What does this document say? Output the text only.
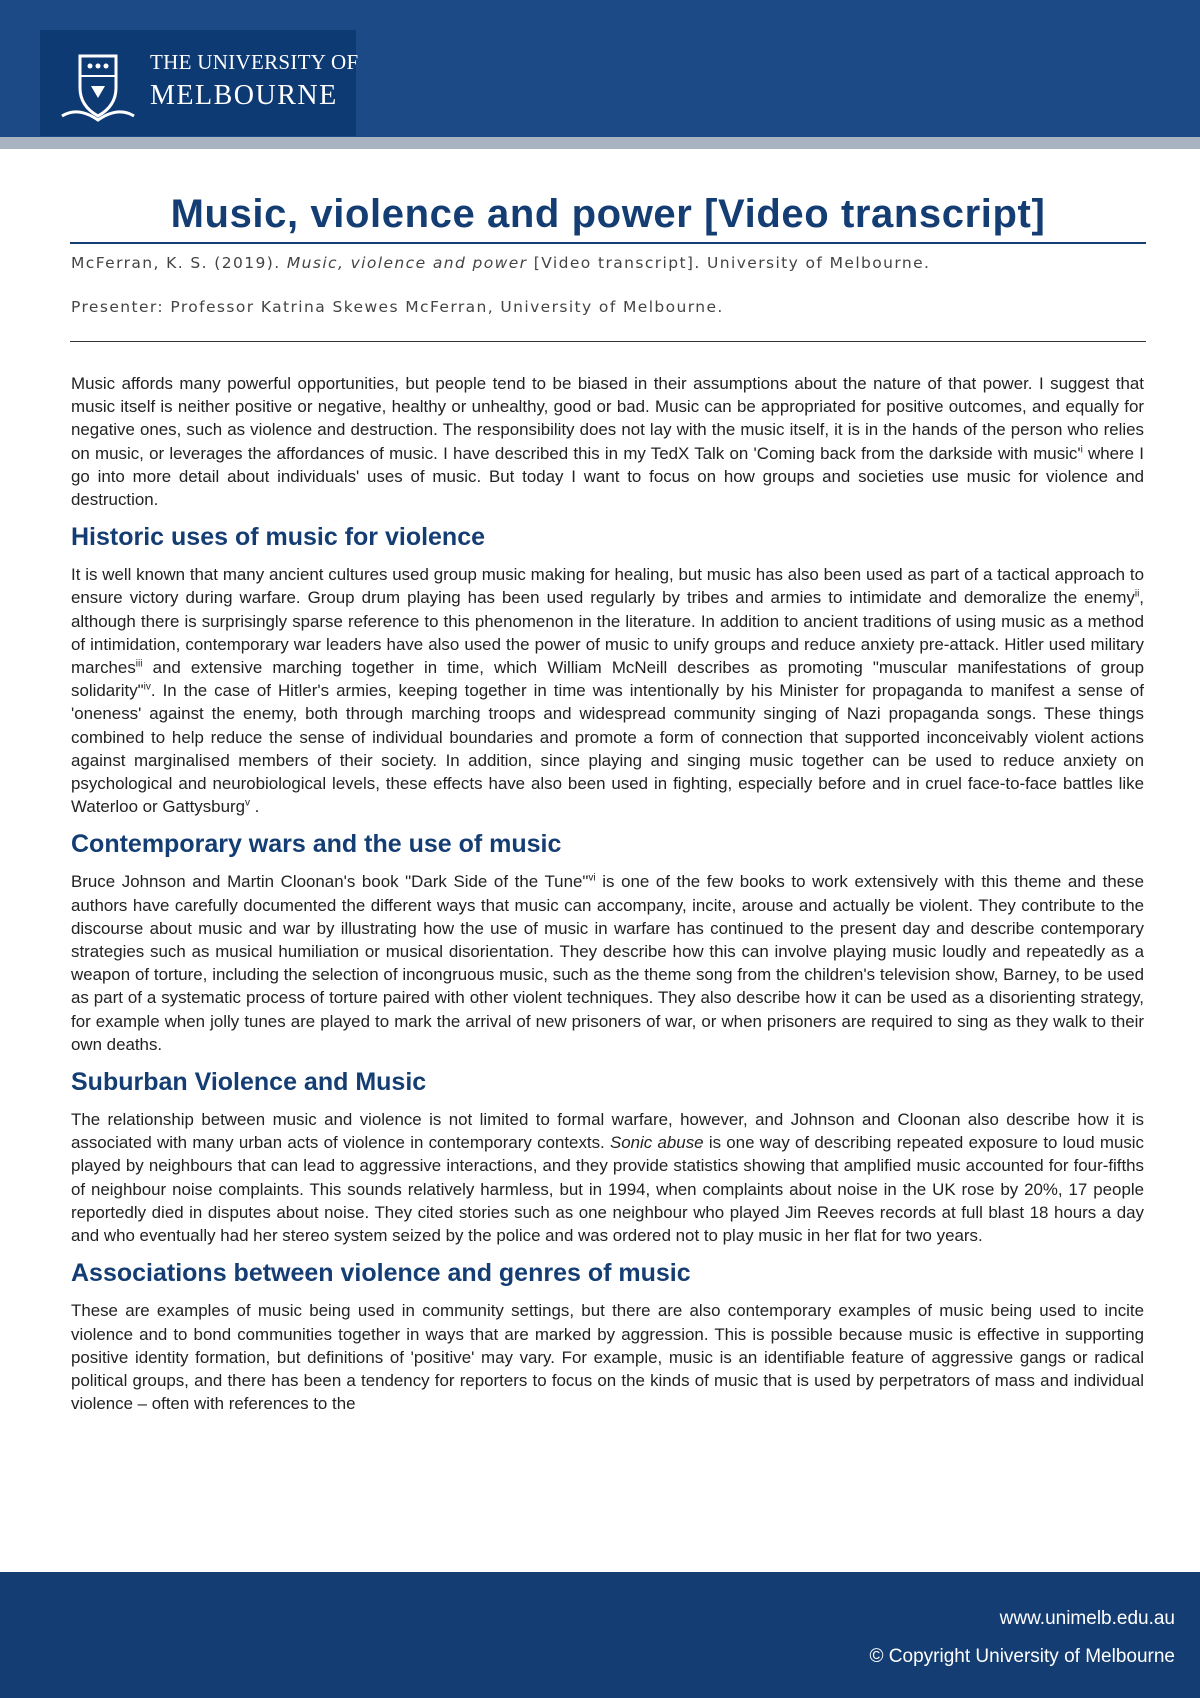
THE UNIVERSITY OF
MELBOURNE
Music, violence and power [Video transcript]
McFerran, K. S. (2019). Music, violence and power [Video transcript]. University of Melbourne.
Presenter: Professor Katrina Skewes McFerran, University of Melbourne.

Music affords many powerful opportunities, but people tend to be biased in their assumptions about the nature of that power. I suggest that music itself is neither positive or negative, healthy or unhealthy, good or bad. Music can be appropriated for positive outcomes, and equally for negative ones, such as violence and destruction. The responsibility does not lay with the music itself, it is in the hands of the person who relies on music, or leverages the affordances of music. I have described this in my TedX Talk on 'Coming back from the darkside with $music'^i$ where I go into more detail about individuals' uses of music. But today I want to focus on how groups and societies use music for violence and destruction.

Historic uses of music for violence

It is well known that many ancient cultures used group music making for healing, but music has also been used as part of a tactical approach to ensure victory during warfare. Group drum playing has been used regularly by tribes and armies to intimidate and demoralize the enemy$^{ii}$, although there is surprisingly sparse reference to this phenomenon in the literature. In addition to ancient traditions of using music as a method of intimidation, contemporary war leaders have also used the power of music to unify groups and reduce anxiety pre-attack. Hitler used military marches$^{iii}$ and extensive marching together in time, which William McNeill describes as promoting "muscular manifestations of group solidarity"$^{iv}$. In the case of Hitler's armies, keeping together in time was intentionally by his Minister for propaganda to manifest a sense of 'oneness' against the enemy, both through marching troops and widespread community singing of Nazi propaganda songs. These things combined to help reduce the sense of individual boundaries and promote a form of connection that supported inconceivably violent actions against marginalised members of their society. In addition, since playing and singing music together can be used to reduce anxiety on psychological and neurobiological levels, these effects have also been used in fighting, especially before and in cruel face-to-face battles like Waterloo or Gattysburg$^v$ .

Contemporary wars and the use of music

Bruce Johnson and Martin Cloonan's book "Dark Side of the Tune"$^{vi}$ is one of the few books to work extensively with this theme and these authors have carefully documented the different ways that music can accompany, incite, arouse and actually be violent. They contribute to the discourse about music and war by illustrating how the use of music in warfare has continued to the present day and describe contemporary strategies such as musical humiliation or musical disorientation. They describe how this can involve playing music loudly and repeatedly as a weapon of torture, including the selection of incongruous music, such as the theme song from the children's television show, Barney, to be used as part of a systematic process of torture paired with other violent techniques. They also describe how it can be used as a disorienting strategy, for example when jolly tunes are played to mark the arrival of new prisoners of war, or when prisoners are required to sing as they walk to their own deaths.

Suburban Violence and Music

The relationship between music and violence is not limited to formal warfare, however, and Johnson and Cloonan also describe how it is associated with many urban acts of violence in contemporary contexts. Sonic abuse is one way of describing repeated exposure to loud music played by neighbours that can lead to aggressive interactions, and they provide statistics showing that amplified music accounted for four-fifths of neighbour noise complaints. This sounds relatively harmless, but in 1994, when complaints about noise in the UK rose by 20%, 17 people reportedly died in disputes about noise. They cited stories such as one neighbour who played Jim Reeves records at full blast 18 hours a day and who eventually had her stereo system seized by the police and was ordered not to play music in her flat for two years.

Associations between violence and genres of music

These are examples of music being used in community settings, but there are also contemporary examples of music being used to incite violence and to bond communities together in ways that are marked by aggression. This is possible because music is effective in supporting positive identity formation, but definitions of 'positive' may vary. For example, music is an identifiable feature of aggressive gangs or radical political groups, and there has been a tendency for reporters to focus on the kinds of music that is used by perpetrators of mass and individual violence – often with references to the

www.unimelb.edu.au
© Copyright University of Melbourne
